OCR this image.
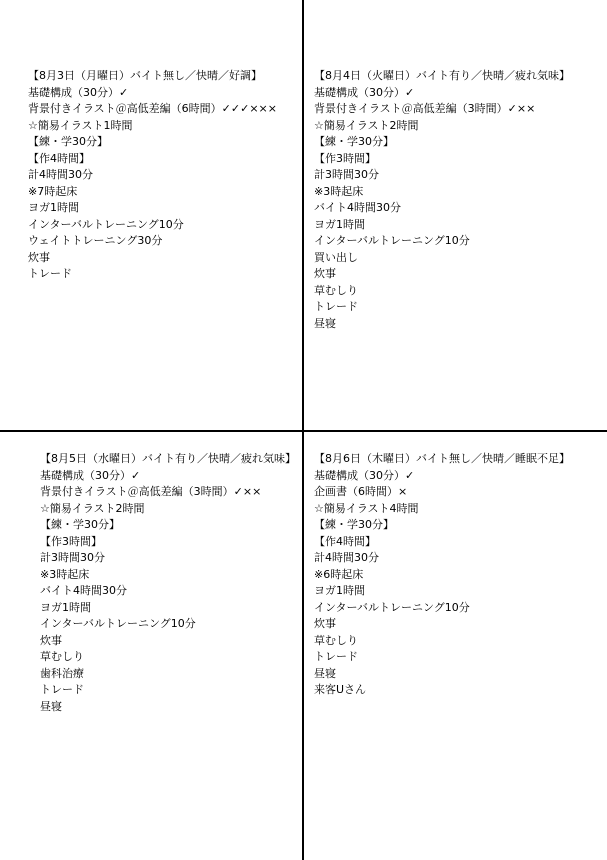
【8月3日（月曜日）バイト無し／快晴／好調】
基礎構成（30分）✓
背景付きイラスト＠高低差編（6時間）✓✓✓×××
☆簡易イラスト1時間
【練・学30分】
【作4時間】
計4時間30分
※7時起床
ヨガ1時間
インターバルトレーニング10分
ウェイトトレーニング30分
炊事
トレード
【8月4日（火曜日）バイト有り／快晴／疲れ気味】
基礎構成（30分）✓
背景付きイラスト＠高低差編（3時間）✓××
☆簡易イラスト2時間
【練・学30分】
【作3時間】
計3時間30分
※3時起床
バイト4時間30分
ヨガ1時間
インターバルトレーニング10分
買い出し
炊事
草むしり
トレード
昼寝
【8月5日（水曜日）バイト有り／快晴／疲れ気味】
基礎構成（30分）✓
背景付きイラスト＠高低差編（3時間）✓××
☆簡易イラスト2時間
【練・学30分】
【作3時間】
計3時間30分
※3時起床
バイト4時間30分
ヨガ1時間
インターバルトレーニング10分
炊事
草むしり
歯科治療
トレード
昼寝
【8月6日（木曜日）バイト無し／快晴／睡眠不足】
基礎構成（30分）✓
企画書（6時間）×
☆簡易イラスト4時間
【練・学30分】
【作4時間】
計4時間30分
※6時起床
ヨガ1時間
インターバルトレーニング10分
炊事
草むしり
トレード
昼寝
来客Uさん
